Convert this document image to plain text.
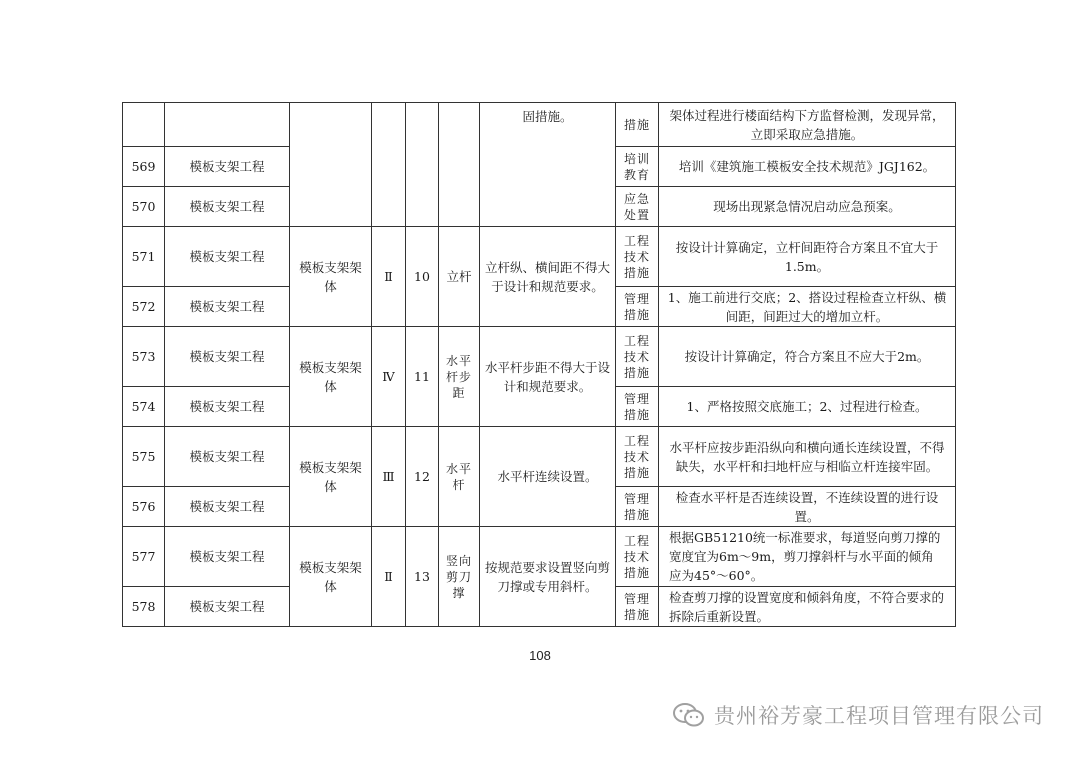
						固措施。	措施	架体过程进行楼面结构下方监督检测，发现异常，立即采取应急措施。
569	模板支架工程						培训教育	培训《建筑施工模板安全技术规范》JGJ162。
570	模板支架工程						应急处置	现场出现紧急情况启动应急预案。
571	模板支架工程	模板支架架体	Ⅱ	10	立杆	立杆纵、横间距不得大于设计和规范要求。	工程技术措施	按设计计算确定，立杆间距符合方案且不宜大于1.5m。
572	模板支架工程						管理措施	1、施工前进行交底；2、搭设过程检查立杆纵、横间距，间距过大的增加立杆。
573	模板支架工程	模板支架架体	Ⅳ	11	水平杆步距	水平杆步距不得大于设计和规范要求。	工程技术措施	按设计计算确定，符合方案且不应大于2m。
574	模板支架工程						管理措施	1、严格按照交底施工；2、过程进行检查。
575	模板支架工程	模板支架架体	Ⅲ	12	水平杆	水平杆连续设置。	工程技术措施	水平杆应按步距沿纵向和横向通长连续设置，不得缺失，水平杆和扫地杆应与相临立杆连接牢固。
576	模板支架工程						管理措施	检查水平杆是否连续设置，不连续设置的进行设置。
577	模板支架工程	模板支架架体	Ⅱ	13	竖向剪刀撑	按规范要求设置竖向剪刀撑或专用斜杆。	工程技术措施	根据GB51210统一标准要求，每道竖向剪刀撑的宽度宜为6m～9m，剪刀撑斜杆与水平面的倾角应为45°～60°。
578	模板支架工程						管理措施	检查剪刀撑的设置宽度和倾斜角度，不符合要求的拆除后重新设置。
108
贵州裕芳豪工程项目管理有限公司
